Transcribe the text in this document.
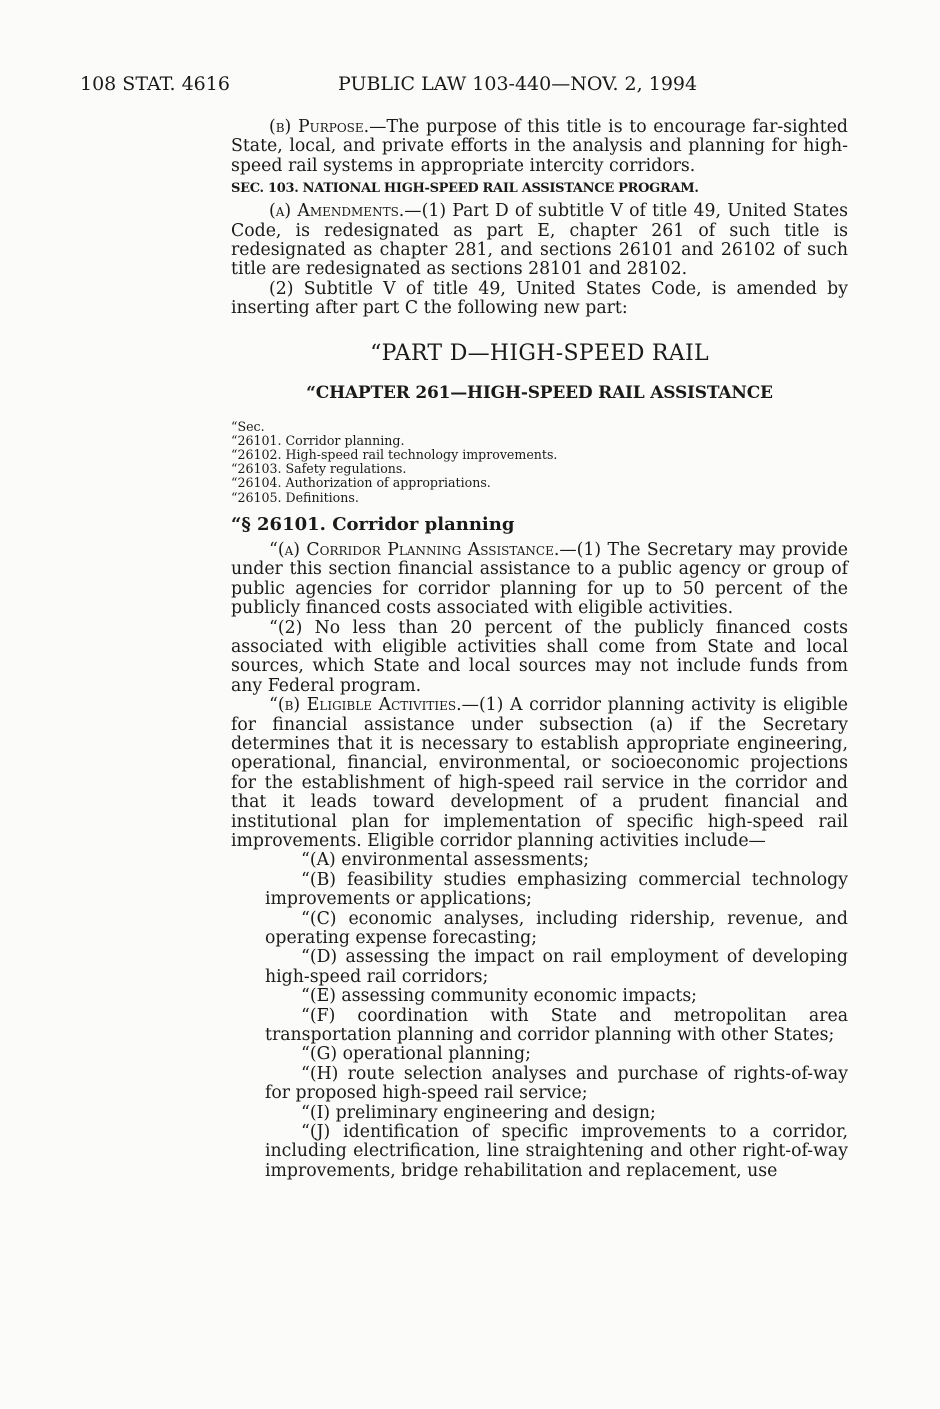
108 STAT. 4616	PUBLIC LAW 103-440—NOV. 2, 1994

(b) Purpose.—The purpose of this title is to encourage far-sighted State, local, and private efforts in the analysis and planning for high-speed rail systems in appropriate intercity corridors.

SEC. 103. NATIONAL HIGH-SPEED RAIL ASSISTANCE PROGRAM.

(a) Amendments.—(1) Part D of subtitle V of title 49, United States Code, is redesignated as part E, chapter 261 of such title is redesignated as chapter 281, and sections 26101 and 26102 of such title are redesignated as sections 28101 and 28102.

(2) Subtitle V of title 49, United States Code, is amended by inserting after part C the following new part:

“PART D—HIGH-SPEED RAIL
“CHAPTER 261—HIGH-SPEED RAIL ASSISTANCE
“Sec.
“26101. Corridor planning.
“26102. High-speed rail technology improvements.
“26103. Safety regulations.
“26104. Authorization of appropriations.
“26105. Definitions.
“§ 26101. Corridor planning

“(a) Corridor Planning Assistance.—(1) The Secretary may provide under this section financial assistance to a public agency or group of public agencies for corridor planning for up to 50 percent of the publicly financed costs associated with eligible activities.

“(2) No less than 20 percent of the publicly financed costs associated with eligible activities shall come from State and local sources, which State and local sources may not include funds from any Federal program.

“(b) Eligible Activities.—(1) A corridor planning activity is eligible for financial assistance under subsection (a) if the Secretary determines that it is necessary to establish appropriate engineering, operational, financial, environmental, or socioeconomic projections for the establishment of high-speed rail service in the corridor and that it leads toward development of a prudent financial and institutional plan for implementation of specific high-speed rail improvements. Eligible corridor planning activities include—

“(A) environmental assessments;

“(B) feasibility studies emphasizing commercial technology improvements or applications;

“(C) economic analyses, including ridership, revenue, and operating expense forecasting;

“(D) assessing the impact on rail employment of developing high-speed rail corridors;

“(E) assessing community economic impacts;

“(F) coordination with State and metropolitan area transportation planning and corridor planning with other States;

“(G) operational planning;

“(H) route selection analyses and purchase of rights-of-way for proposed high-speed rail service;

“(I) preliminary engineering and design;

“(J) identification of specific improvements to a corridor, including electrification, line straightening and other right-of-way improvements, bridge rehabilitation and replacement, use
